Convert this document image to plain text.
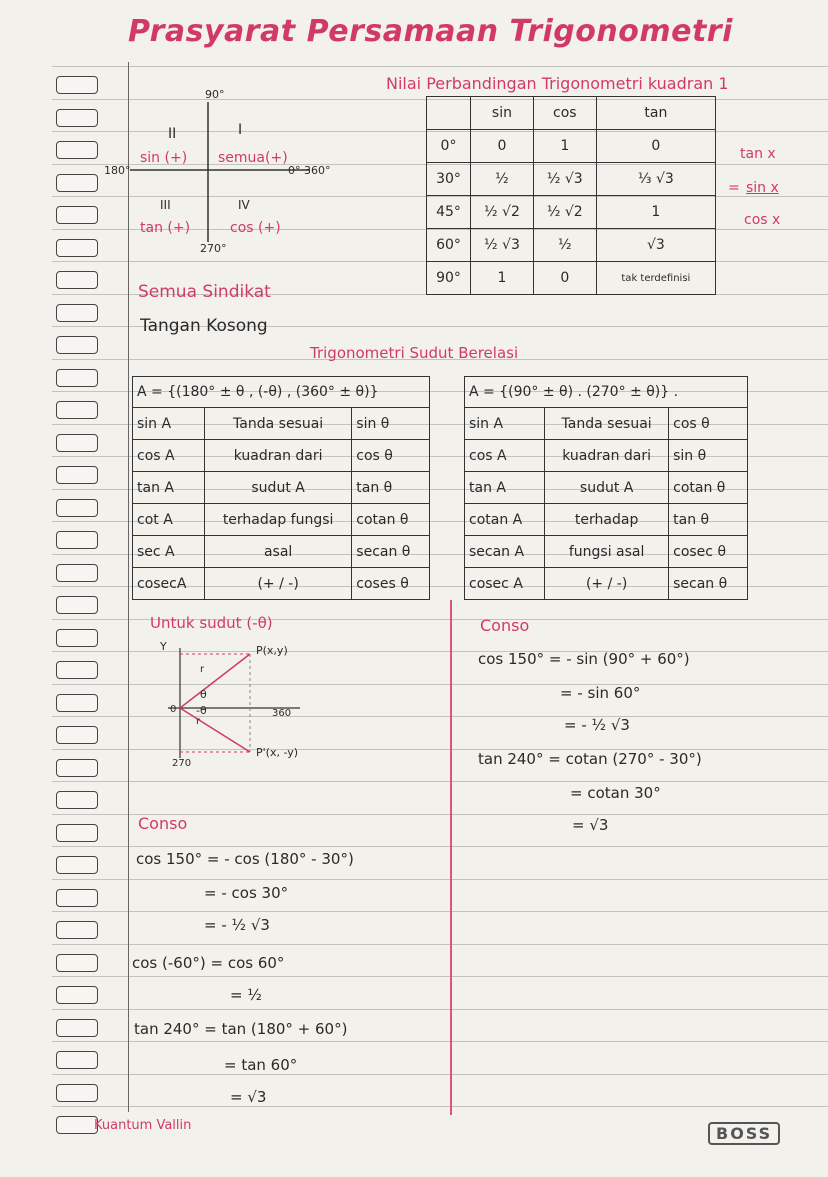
Prasyarat Persamaan Trigonometri
Nilai Perbandingan Trigonometri kuadran 1
90°
180°
270°
0° 360°
I
semua(+)
II
sin (+)
III
tan (+)
IV
cos (+)
Semua Sindikat
Tangan Kosong
	sin	cos	tan
0°	0	1	0
30°	½	½ √3	⅓ √3
45°	½ √2	½ √2	1
60°	½ √3	½	√3
90°	1	0	tak terdefinisi
tan x
= sin x
cos x
Trigonometri Sudut Berelasi
A = {(180° ± θ , (-θ) , (360° ± θ)}		
sin A	Tanda sesuai	sin θ
cos A	kuadran dari	cos θ
tan A	sudut A	tan θ
cot A	terhadap fungsi	cotan θ
sec A	asal	secan θ
cosecA	(+ / -)	coses θ
A = {(90° ± θ) . (270° ± θ)} .		
sin A	Tanda sesuai	cos θ
cos A	kuadran dari	sin θ
tan A	sudut A	cotan θ
cotan A	terhadap	tan θ
secan A	fungsi asal	cosec θ
cosec A	(+ / -)	secan θ
Untuk sudut (-θ)
Y	P(x,y)
P'(x, -y)
r
r
θ
-θ
0	360
270
Conso
cos 150° = - sin (90° + 60°)
= - sin 60°
= - ½ √3
tan 240° = cotan (270° - 30°)
= cotan 30°
= √3
Conso
cos 150° = - cos (180° - 30°)
= - cos 30°
= - ½ √3
cos (-60°) = cos 60°
= ½
tan 240° = tan (180° + 60°)
= tan 60°
= √3
Kuantum Vallin	BOSS
